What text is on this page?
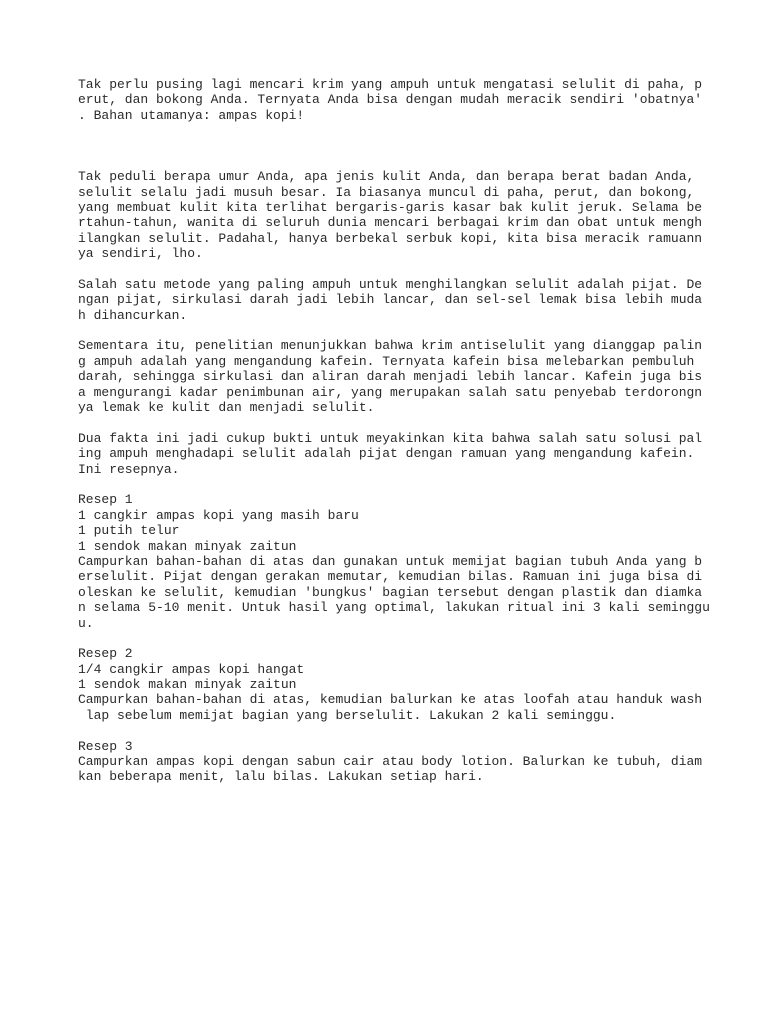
Tak perlu pusing lagi mencari krim yang ampuh untuk mengatasi selulit di paha, p
erut, dan bokong Anda. Ternyata Anda bisa dengan mudah meracik sendiri 'obatnya'
. Bahan utamanya: ampas kopi!
Tak peduli berapa umur Anda, apa jenis kulit Anda, dan berapa berat badan Anda,
selulit selalu jadi musuh besar. Ia biasanya muncul di paha, perut, dan bokong,
yang membuat kulit kita terlihat bergaris-garis kasar bak kulit jeruk. Selama be
rtahun-tahun, wanita di seluruh dunia mencari berbagai krim dan obat untuk mengh
ilangkan selulit. Padahal, hanya berbekal serbuk kopi, kita bisa meracik ramuann
ya sendiri, lho.
Salah satu metode yang paling ampuh untuk menghilangkan selulit adalah pijat. De
ngan pijat, sirkulasi darah jadi lebih lancar, dan sel-sel lemak bisa lebih muda
h dihancurkan.
Sementara itu, penelitian menunjukkan bahwa krim antiselulit yang dianggap palin
g ampuh adalah yang mengandung kafein. Ternyata kafein bisa melebarkan pembuluh
darah, sehingga sirkulasi dan aliran darah menjadi lebih lancar. Kafein juga bis
a mengurangi kadar penimbunan air, yang merupakan salah satu penyebab terdorongn
ya lemak ke kulit dan menjadi selulit.
Dua fakta ini jadi cukup bukti untuk meyakinkan kita bahwa salah satu solusi pal
ing ampuh menghadapi selulit adalah pijat dengan ramuan yang mengandung kafein.
Ini resepnya.
Resep 1
1 cangkir ampas kopi yang masih baru
1 putih telur
1 sendok makan minyak zaitun
Campurkan bahan-bahan di atas dan gunakan untuk memijat bagian tubuh Anda yang b
erselulit. Pijat dengan gerakan memutar, kemudian bilas. Ramuan ini juga bisa di
oleskan ke selulit, kemudian 'bungkus' bagian tersebut dengan plastik dan diamka
n selama 5-10 menit. Untuk hasil yang optimal, lakukan ritual ini 3 kali seminggu
u.
Resep 2
1/4 cangkir ampas kopi hangat
1 sendok makan minyak zaitun
Campurkan bahan-bahan di atas, kemudian balurkan ke atas loofah atau handuk wash
lap sebelum memijat bagian yang berselulit. Lakukan 2 kali seminggu.
Resep 3
Campurkan ampas kopi dengan sabun cair atau body lotion. Balurkan ke tubuh, diam
kan beberapa menit, lalu bilas. Lakukan setiap hari.
